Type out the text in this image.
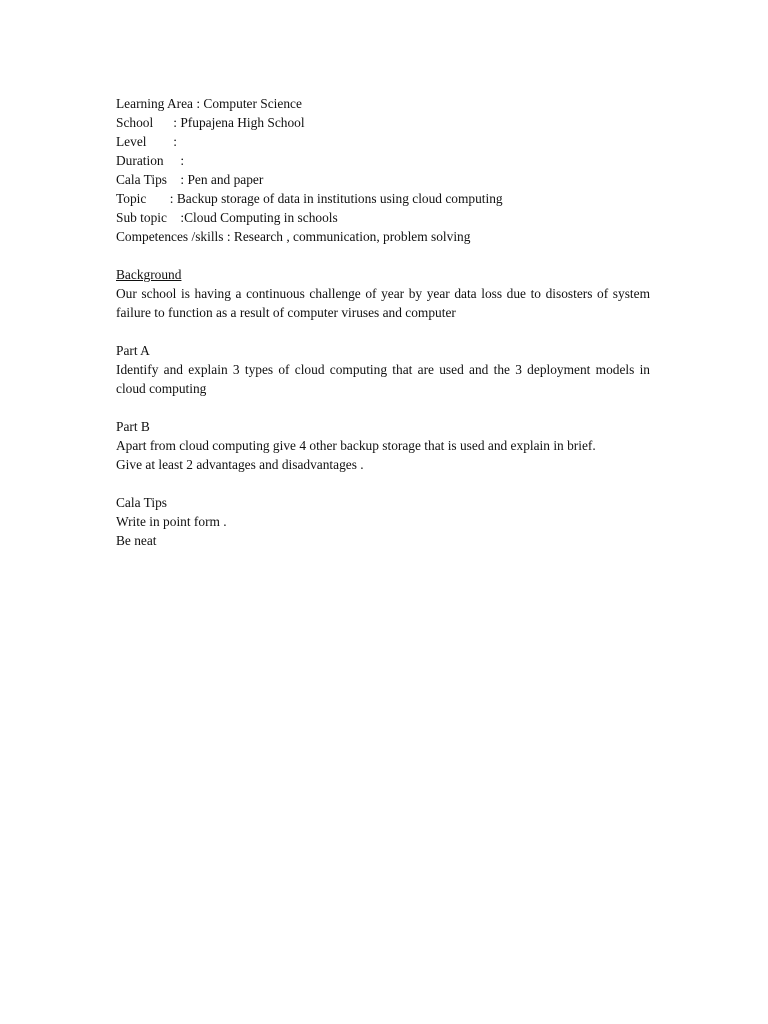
Learning Area : Computer Science
School      : Pfupajena High School
Level        :
Duration     :
Cala Tips    : Pen and paper
Topic       : Backup storage of data in institutions using cloud computing
Sub topic    :Cloud Computing in schools
Competences /skills : Research , communication, problem solving
Background
Our school is having a continuous challenge of year by year data loss due to disosters of system failure to function as a result of computer viruses and computer
Part A
Identify and explain 3 types of cloud computing that are used and the 3 deployment models in cloud computing
Part B
Apart from cloud computing give 4 other backup storage that is used and explain in brief.
Give at least 2 advantages and disadvantages .
Cala Tips
Write in point form .
Be neat
